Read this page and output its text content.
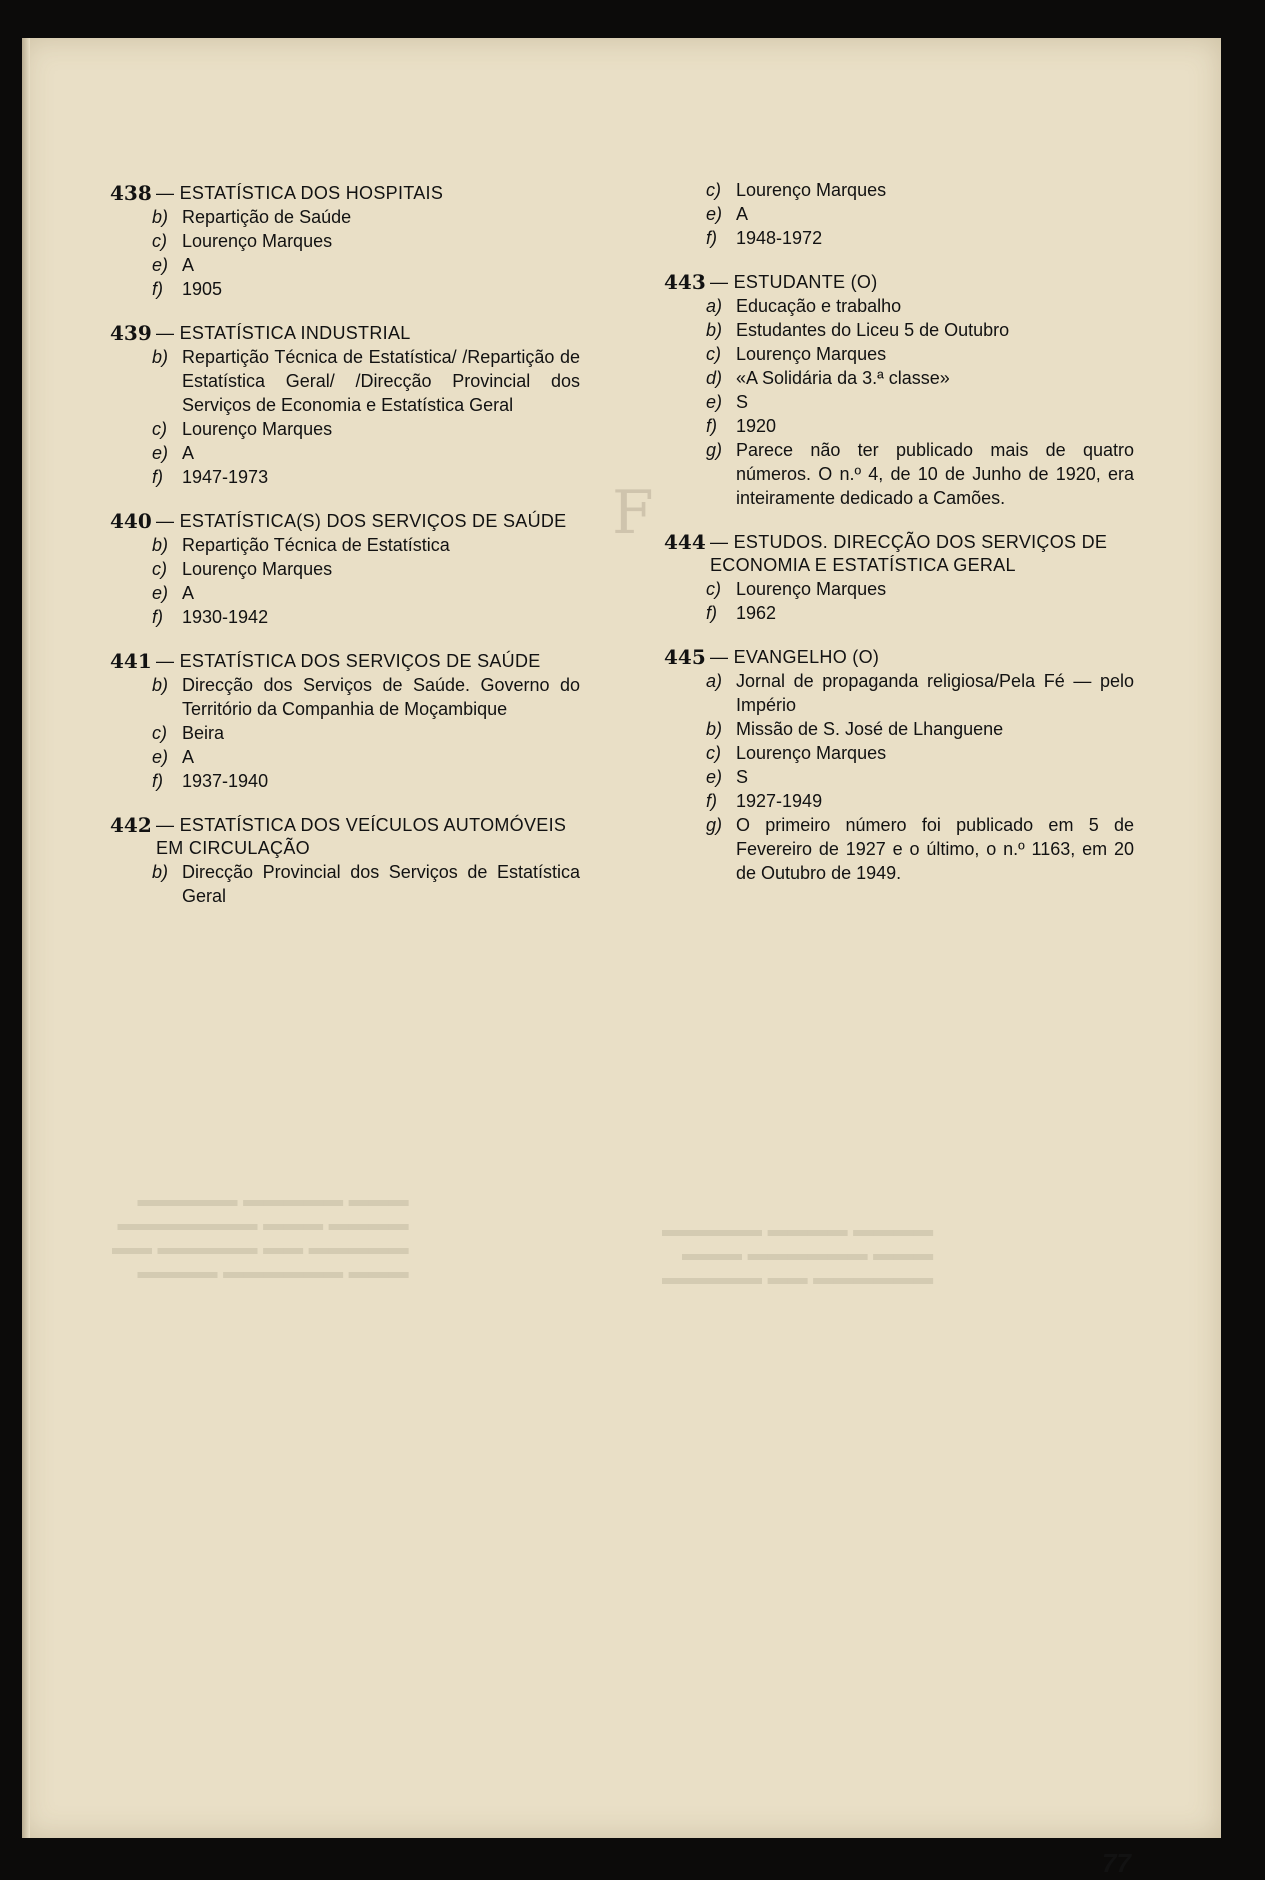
▬▬▬ ▬▬▬▬▬ ▬▬▬▬▬
▬▬▬▬ ▬▬▬ ▬▬▬▬▬▬▬
▬▬▬▬▬ ▬▬ ▬▬▬▬▬ ▬▬
▬▬▬ ▬▬▬▬▬▬ ▬▬▬▬
▬▬▬▬ ▬▬▬▬ ▬▬▬▬▬
▬▬▬ ▬▬▬▬▬▬ ▬▬▬
▬▬▬▬▬▬ ▬▬ ▬▬▬▬▬
F
438 — ESTATÍSTICA DOS HOSPITAIS
b) Repartição de Saúde
c) Lourenço Marques
e) A
f)	1905
439 — ESTATÍSTICA INDUSTRIAL
b) Repartição Técnica de Estatística/ /Repartição de Estatística Geral/ /Direcção Provincial dos Serviços de Economia e Estatística Geral
c) Lourenço Marques
e) A
f)	1947-1973
440 — ESTATÍSTICA(S) DOS SERVIÇOS DE SAÚDE
b) Repartição Técnica de Estatística
c) Lourenço Marques
e) A
f)	1930-1942
441 — ESTATÍSTICA DOS SERVIÇOS DE SAÚDE
b) Direcção dos Serviços de Saúde. Governo do Território da Companhia de Moçambique
c) Beira
e) A
f)	1937-1940
442 — ESTATÍSTICA DOS VEÍCULOS AUTOMÓVEIS EM CIRCULAÇÃO
b) Direcção Provincial dos Serviços de Estatística Geral
c) Lourenço Marques
e) A
f)	1948-1972
443 — ESTUDANTE (O)
a) Educação e trabalho
b) Estudantes do Liceu 5 de Outubro
c) Lourenço Marques
d) «A Solidária da 3.ª classe»
e) S
f)	1920
g) Parece não ter publicado mais de quatro números. O n.º 4, de 10 de Junho de 1920, era inteiramente dedicado a Camões.
444 — ESTUDOS. DIRECÇÃO DOS SERVIÇOS DE ECONOMIA E ESTATÍSTICA GERAL
c) Lourenço Marques
f)	1962
445 — EVANGELHO (O)
a) Jornal de propaganda religiosa/Pela Fé — pelo Império
b) Missão de S. José de Lhanguene
c) Lourenço Marques
e) S
f)	1927-1949
g) O primeiro número foi publicado em 5 de Fevereiro de 1927 e o último, o n.º 1163, em 20 de Outubro de 1949.
77
